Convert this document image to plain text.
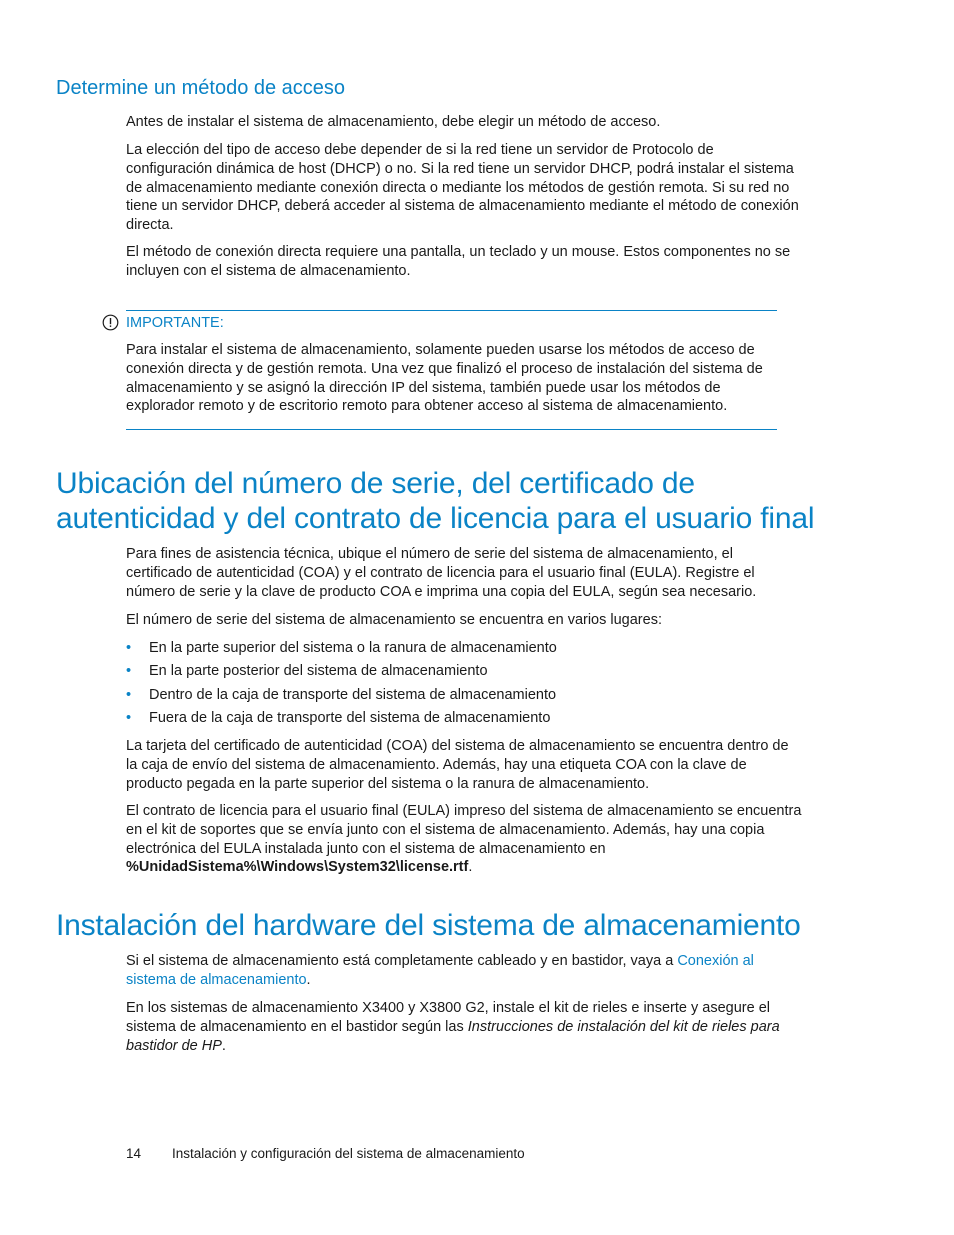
Determine un método de acceso

Antes de instalar el sistema de almacenamiento, debe elegir un método de acceso.

La elección del tipo de acceso debe depender de si la red tiene un servidor de Protocolo de configuración dinámica de host (DHCP) o no. Si la red tiene un servidor DHCP, podrá instalar el sistema de almacenamiento mediante conexión directa o mediante los métodos de gestión remota. Si su red no tiene un servidor DHCP, deberá acceder al sistema de almacenamiento mediante el método de conexión directa.

El método de conexión directa requiere una pantalla, un teclado y un mouse. Estos componentes no se incluyen con el sistema de almacenamiento.

IMPORTANTE:

Para instalar el sistema de almacenamiento, solamente pueden usarse los métodos de acceso de conexión directa y de gestión remota. Una vez que finalizó el proceso de instalación del sistema de almacenamiento y se asignó la dirección IP del sistema, también puede usar los métodos de explorador remoto y de escritorio remoto para obtener acceso al sistema de almacenamiento.

Ubicación del número de serie, del certificado de autenticidad y del contrato de licencia para el usuario final

Para fines de asistencia técnica, ubique el número de serie del sistema de almacenamiento, el certificado de autenticidad (COA) y el contrato de licencia para el usuario final (EULA). Registre el número de serie y la clave de producto COA e imprima una copia del EULA, según sea necesario.

El número de serie del sistema de almacenamiento se encuentra en varios lugares:

• En la parte superior del sistema o la ranura de almacenamiento
• En la parte posterior del sistema de almacenamiento
• Dentro de la caja de transporte del sistema de almacenamiento
• Fuera de la caja de transporte del sistema de almacenamiento

La tarjeta del certificado de autenticidad (COA) del sistema de almacenamiento se encuentra dentro de la caja de envío del sistema de almacenamiento. Además, hay una etiqueta COA con la clave de producto pegada en la parte superior del sistema o la ranura de almacenamiento.

El contrato de licencia para el usuario final (EULA) impreso del sistema de almacenamiento se encuentra en el kit de soportes que se envía junto con el sistema de almacenamiento. Además, hay una copia electrónica del EULA instalada junto con el sistema de almacenamiento en %UnidadSistema%\Windows\System32\license.rtf.

Instalación del hardware del sistema de almacenamiento

Si el sistema de almacenamiento está completamente cableado y en bastidor, vaya a Conexión al sistema de almacenamiento.

En los sistemas de almacenamiento X3400 y X3800 G2, instale el kit de rieles e inserte y asegure el sistema de almacenamiento en el bastidor según las Instrucciones de instalación del kit de rieles para bastidor de HP.

14 Instalación y configuración del sistema de almacenamiento
